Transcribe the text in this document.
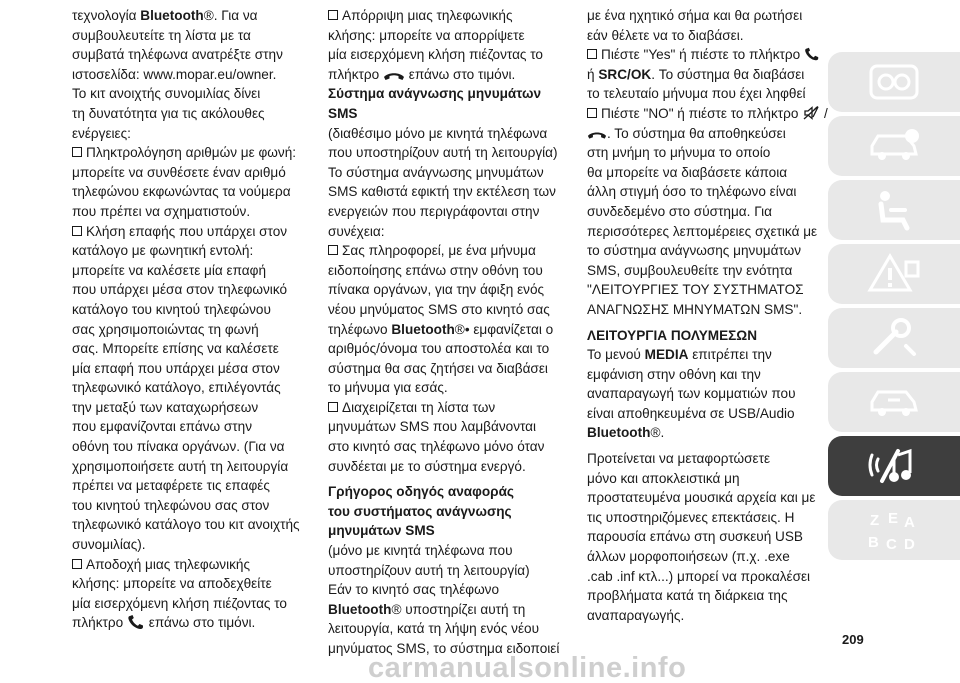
τεχνολογία Bluetooth®. Για να
συμβουλευτείτε τη λίστα με τα
συμβατά τηλέφωνα ανατρέξτε στην
ιστοσελίδα: www.mopar.eu/owner.
Το κιτ ανοιχτής συνομιλίας δίνει
τη δυνατότητα για τις ακόλουθες
ενέργειες:
Πληκτρολόγηση αριθμών με φωνή:
μπορείτε να συνθέσετε έναν αριθμό
τηλεφώνου εκφωνώντας τα νούμερα
που πρέπει να σχηματιστούν.
Κλήση επαφής που υπάρχει στον
κατάλογο με φωνητική εντολή:
μπορείτε να καλέσετε μία επαφή
που υπάρχει μέσα στον τηλεφωνικό
κατάλογο του κινητού τηλεφώνου
σας χρησιμοποιώντας τη φωνή
σας. Μπορείτε επίσης να καλέσετε
μία επαφή που υπάρχει μέσα στον
τηλεφωνικό κατάλογο, επιλέγοντάς
την μεταξύ των καταχωρήσεων
που εμφανίζονται επάνω στην
οθόνη του πίνακα οργάνων. (Για να
χρησιμοποιήσετε αυτή τη λειτουργία
πρέπει να μεταφέρετε τις επαφές
του κινητού τηλεφώνου σας στον
τηλεφωνικό κατάλογο του κιτ ανοιχτής
συνομιλίας).
Αποδοχή μιας τηλεφωνικής
κλήσης: μπορείτε να αποδεχθείτε
μία εισερχόμενη κλήση πιέζοντας το
πλήκτρο επάνω στο τιμόνι.
Απόρριψη μιας τηλεφωνικής
κλήσης: μπορείτε να απορρίψετε
μία εισερχόμενη κλήση πιέζοντας το
πλήκτρο επάνω στο τιμόνι.
Σύστημα ανάγνωσης μηνυμάτων
SMS
(διαθέσιμο μόνο με κινητά τηλέφωνα
που υποστηρίζουν αυτή τη λειτουργία)
Το σύστημα ανάγνωσης μηνυμάτων
SMS καθιστά εφικτή την εκτέλεση των
ενεργειών που περιγράφονται στην
συνέχεια:
Σας πληροφορεί, με ένα μήνυμα
ειδοποίησης επάνω στην οθόνη του
πίνακα οργάνων, για την άφιξη ενός
νέου μηνύματος SMS στο κινητό σας
τηλέφωνο Bluetooth®• εμφανίζεται ο
αριθμός/όνομα του αποστολέα και το
σύστημα θα σας ζητήσει να διαβάσει
το μήνυμα για εσάς.
Διαχειρίζεται τη λίστα των
μηνυμάτων SMS που λαμβάνονται
στο κινητό σας τηλέφωνο μόνο όταν
συνδέεται με το σύστημα ενεργό.
Γρήγορος οδηγός αναφοράς
του συστήματος ανάγνωσης
μηνυμάτων SMS
(μόνο με κινητά τηλέφωνα που
υποστηρίζουν αυτή τη λειτουργία)
Εάν το κινητό σας τηλέφωνο
Bluetooth® υποστηρίζει αυτή τη
λειτουργία, κατά τη λήψη ενός νέου
μηνύματος SMS, το σύστημα ειδοποιεί
με ένα ηχητικό σήμα και θα ρωτήσει
εάν θέλετε να το διαβάσει.
Πιέστε "Yes" ή πιέστε το πλήκτρο
ή SRC/OK. Το σύστημα θα διαβάσει
το τελευταίο μήνυμα που έχει ληφθεί
Πιέστε "NO" ή πιέστε το πλήκτρο /
. Το σύστημα θα αποθηκεύσει
στη μνήμη το μήνυμα το οποίο
θα μπορείτε να διαβάσετε κάποια
άλλη στιγμή όσο το τηλέφωνο είναι
συνδεδεμένο στο σύστημα. Για
περισσότερες λεπτομέρειες σχετικά με
το σύστημα ανάγνωσης μηνυμάτων
SMS, συμβουλευθείτε την ενότητα
"ΛΕΙΤΟΥΡΓΙΕΣ ΤΟΥ ΣΥΣΤΗΜΑΤΟΣ
ΑΝΑΓΝΩΣΗΣ ΜΗΝΥΜΑΤΩΝ SMS".
ΛΕΙΤΟΥΡΓΙΑ ΠΟΛΥΜΕΣΩΝ
Το μενού MEDIA επιτρέπει την
εμφάνιση στην οθόνη και την
αναπαραγωγή των κομματιών που
είναι αποθηκευμένα σε USB/Audio
Bluetooth®.
Προτείνεται να μεταφορτώσετε
μόνο και αποκλειστικά μη
προστατευμένα μουσικά αρχεία και με
τις υποστηριζόμενες επεκτάσεις. Η
παρουσία επάνω στη συσκευή USB
άλλων μορφοποιήσεων (π.χ. .exe
.cab .inf κτλ...) μπορεί να προκαλέσει
προβλήματα κατά τη διάρκεια της
αναπαραγωγής.
Z E A
B C D
209
carmanualsonline.info
